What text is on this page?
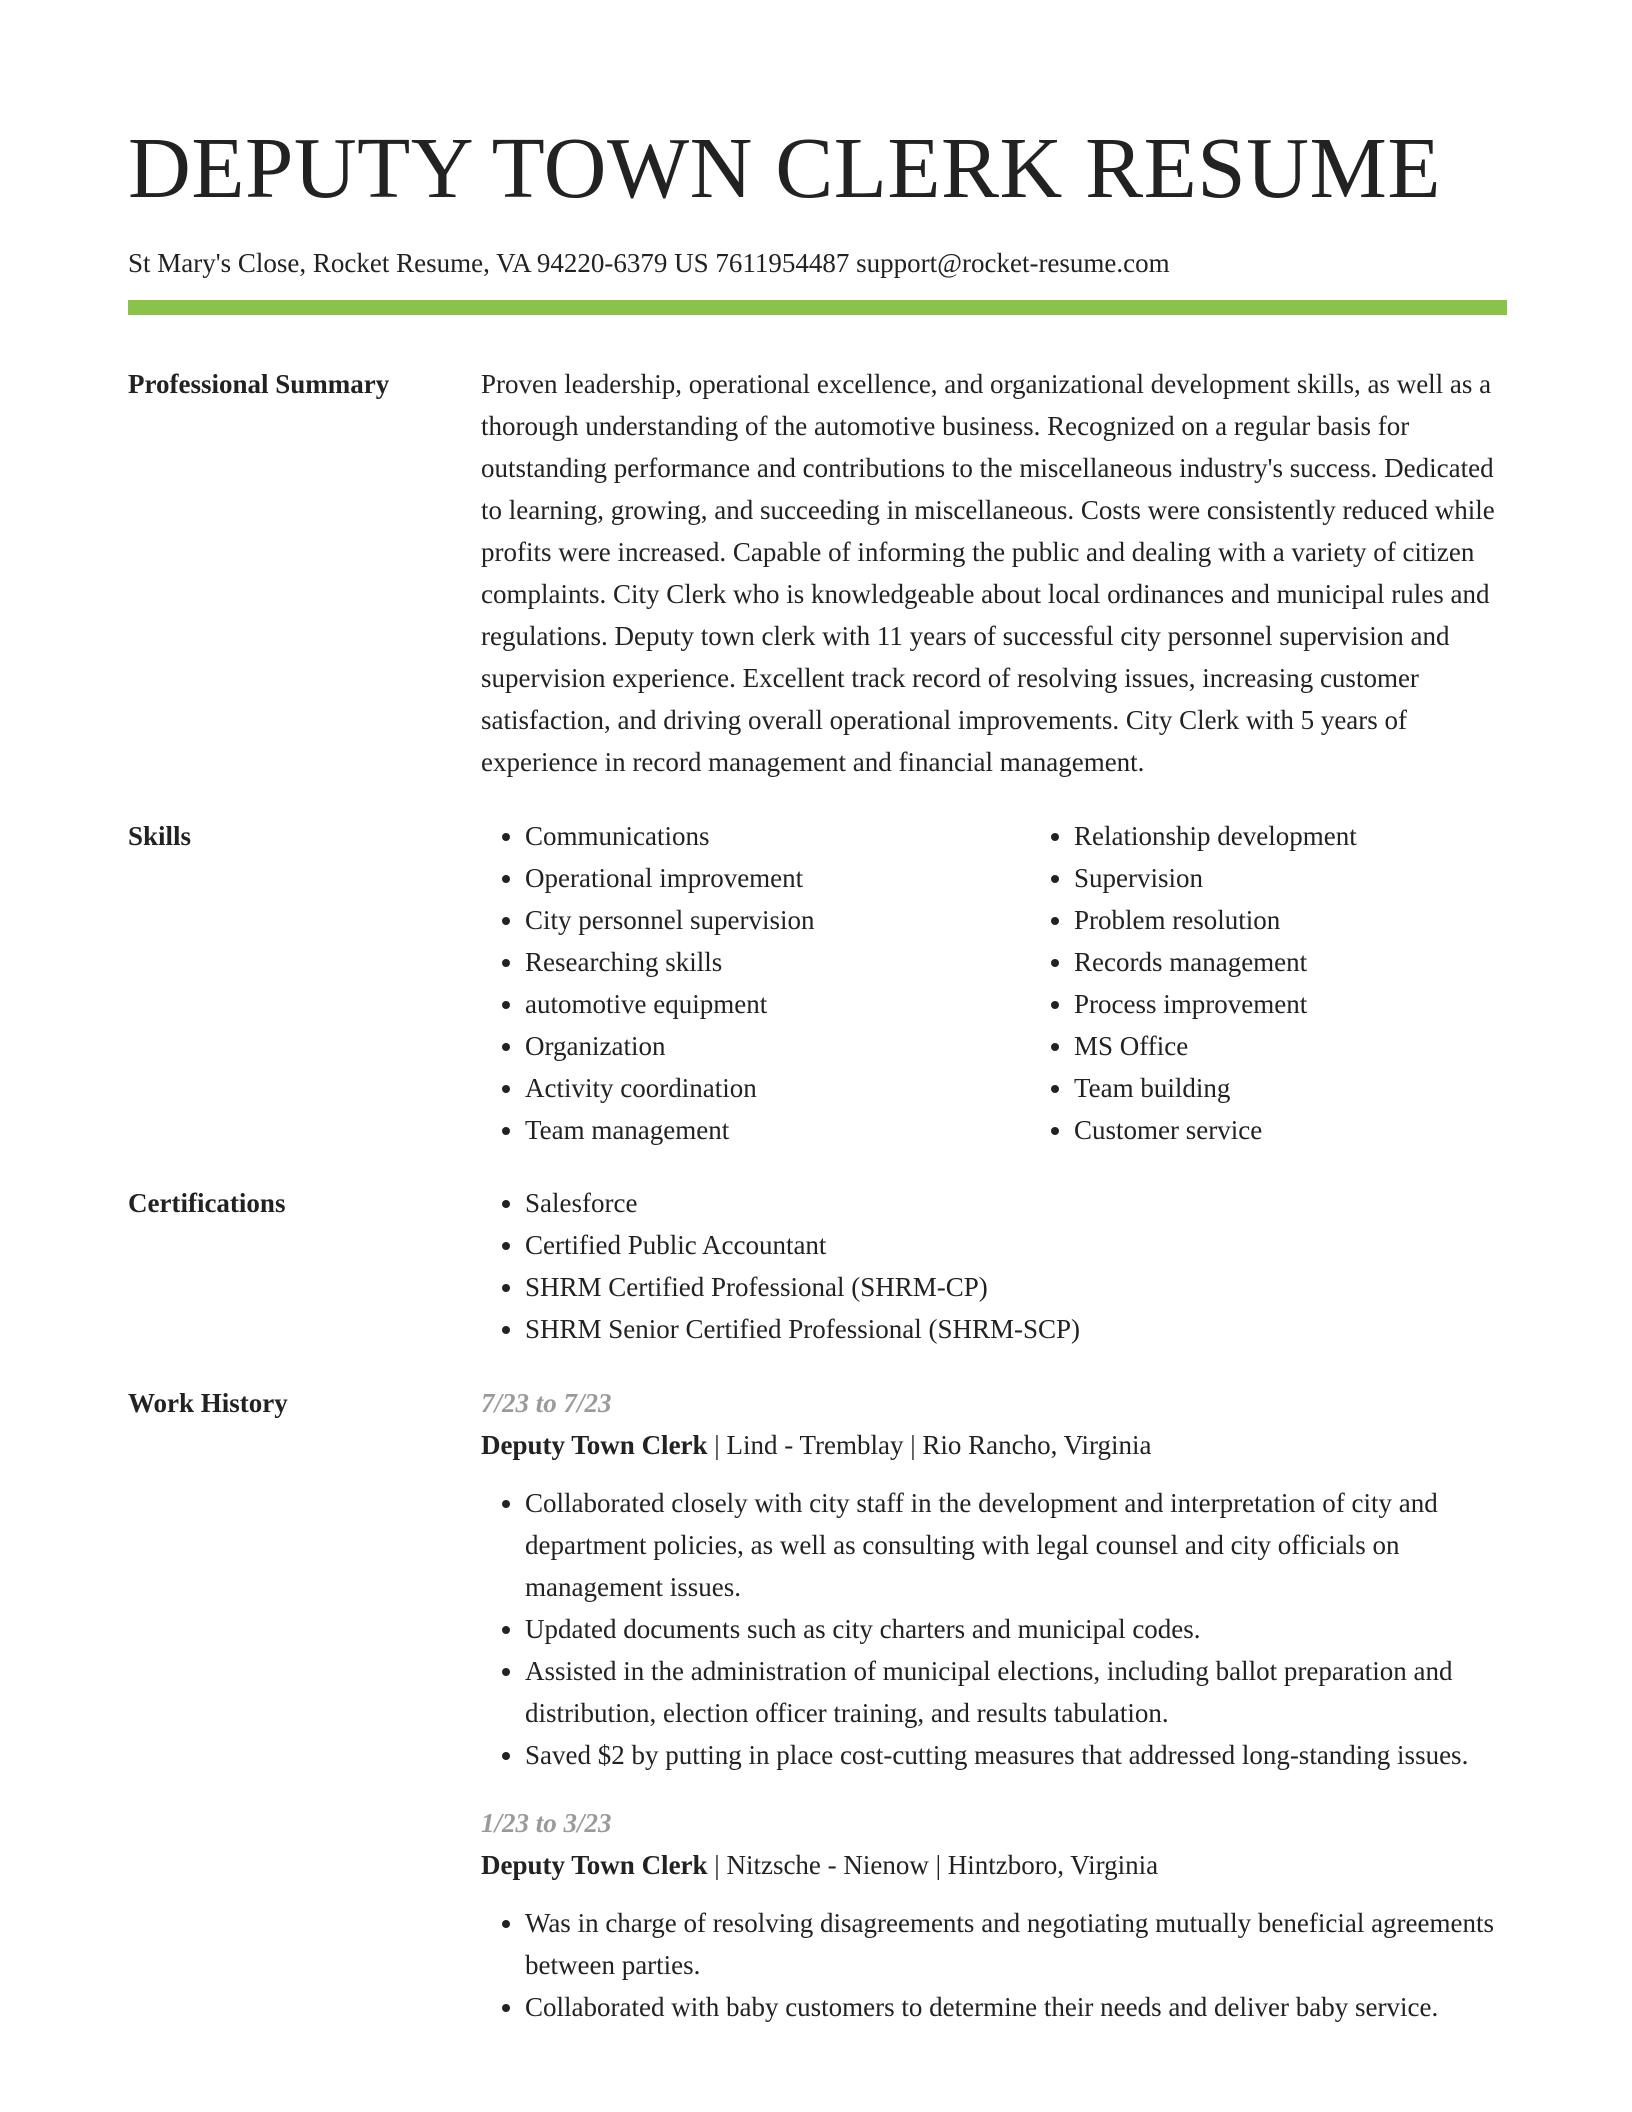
DEPUTY TOWN CLERK RESUME
St Mary's Close, Rocket Resume, VA 94220-6379 US 7611954487 support@rocket-resume.com
Professional Summary	Proven leadership, operational excellence, and organizational development skills, as well as a thorough understanding of the automotive business. Recognized on a regular basis for outstanding performance and contributions to the miscellaneous industry's success. Dedicated to learning, growing, and succeeding in miscellaneous. Costs were consistently reduced while profits were increased. Capable of informing the public and dealing with a variety of citizen complaints. City Clerk who is knowledgeable about local ordinances and municipal rules and regulations. Deputy town clerk with 11 years of successful city personnel supervision and supervision experience. Excellent track record of resolving issues, increasing customer satisfaction, and driving overall operational improvements. City Clerk with 5 years of experience in record management and financial management.

Skills	• Communications
• Operational improvement
• City personnel supervision
• Researching skills
• automotive equipment
• Organization
• Activity coordination
• Team management
• Relationship development
• Supervision
• Problem resolution
• Records management
• Process improvement
• MS Office
• Team building
• Customer service
Certifications	• Salesforce
• Certified Public Accountant
• SHRM Certified Professional (SHRM-CP)
• SHRM Senior Certified Professional (SHRM-SCP)
Work History	7/23 to 7/23
Deputy Town Clerk | Lind - Tremblay | Rio Rancho, Virginia
• Collaborated closely with city staff in the development and interpretation of city and department policies, as well as consulting with legal counsel and city officials on management issues.
• Updated documents such as city charters and municipal codes.
• Assisted in the administration of municipal elections, including ballot preparation and distribution, election officer training, and results tabulation.
• Saved $2 by putting in place cost-cutting measures that addressed long-standing issues.
1/23 to 3/23
Deputy Town Clerk | Nitzsche - Nienow | Hintzboro, Virginia
• Was in charge of resolving disagreements and negotiating mutually beneficial agreements between parties.
• Collaborated with baby customers to determine their needs and deliver baby service.
